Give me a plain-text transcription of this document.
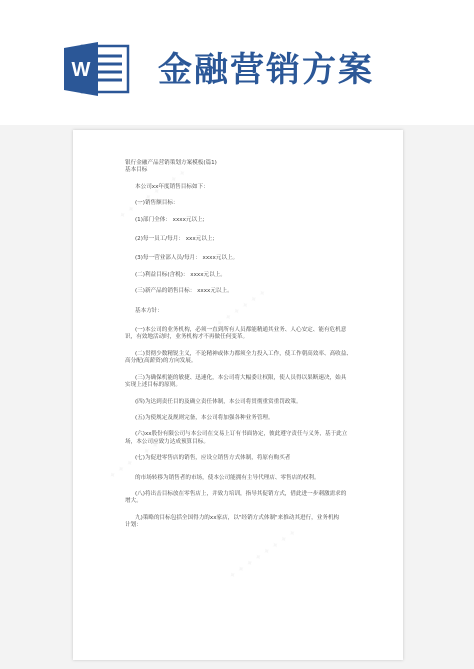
W 金融营销方案

银行金融产品营销策划方案模板(篇1)

基本目标

本公司xx年度销售目标如下：

(一)销售额目标：

(1)部门全体： xxxx元以上;

(2)每一员工/每月： xxx元以上;

(3)每一营业部人员/每月： xxxx元以上。

(二)利益目标(含税)： xxxx元以上。

(三)新产品的销售目标： xxxx元以上。

基本方针：

(一)本公司的业务机构，必须一直到所有人员都能精通其业务、人心安定、能有危机意

识，有效地活动时，业务机构才不再做任何变革。

(二)贯彻少数精锐主义，不论精神或体力都须全力投入工作，使工作朝高效率、高收益、

高分配(高薪资)的方向发展。

(三)为确保机能的敏捷、迅速化，本公司将大幅委让权限，使人员得以果断速决，始具

实现上述目标的原则。

(四)为达到责任目的及确立责任体制，本公司将贯彻重赏重罚政策。

(五)为使规定及规则完备，本公司将加强各种业务管理。

(六)xx股份有限公司与本公司在交易上订有书面协定，彼此遵守责任与义务，基于此立

场，本公司应致力达成预算目标。

(七)为促进零售店的销售，应设立销售方式体制，将原有购买者

的市场转移为销售者的市场，使本公司能拥有主导代理店、零售店的权利。

(八)将出击目标放在零售店上，并致力培训，指导其促销方式，借此进一步刺激需求的

增大。

九)策略的目标包括全国得力的xx家店，以"经销方式体制"来推动其进行，业务机构

计划：
